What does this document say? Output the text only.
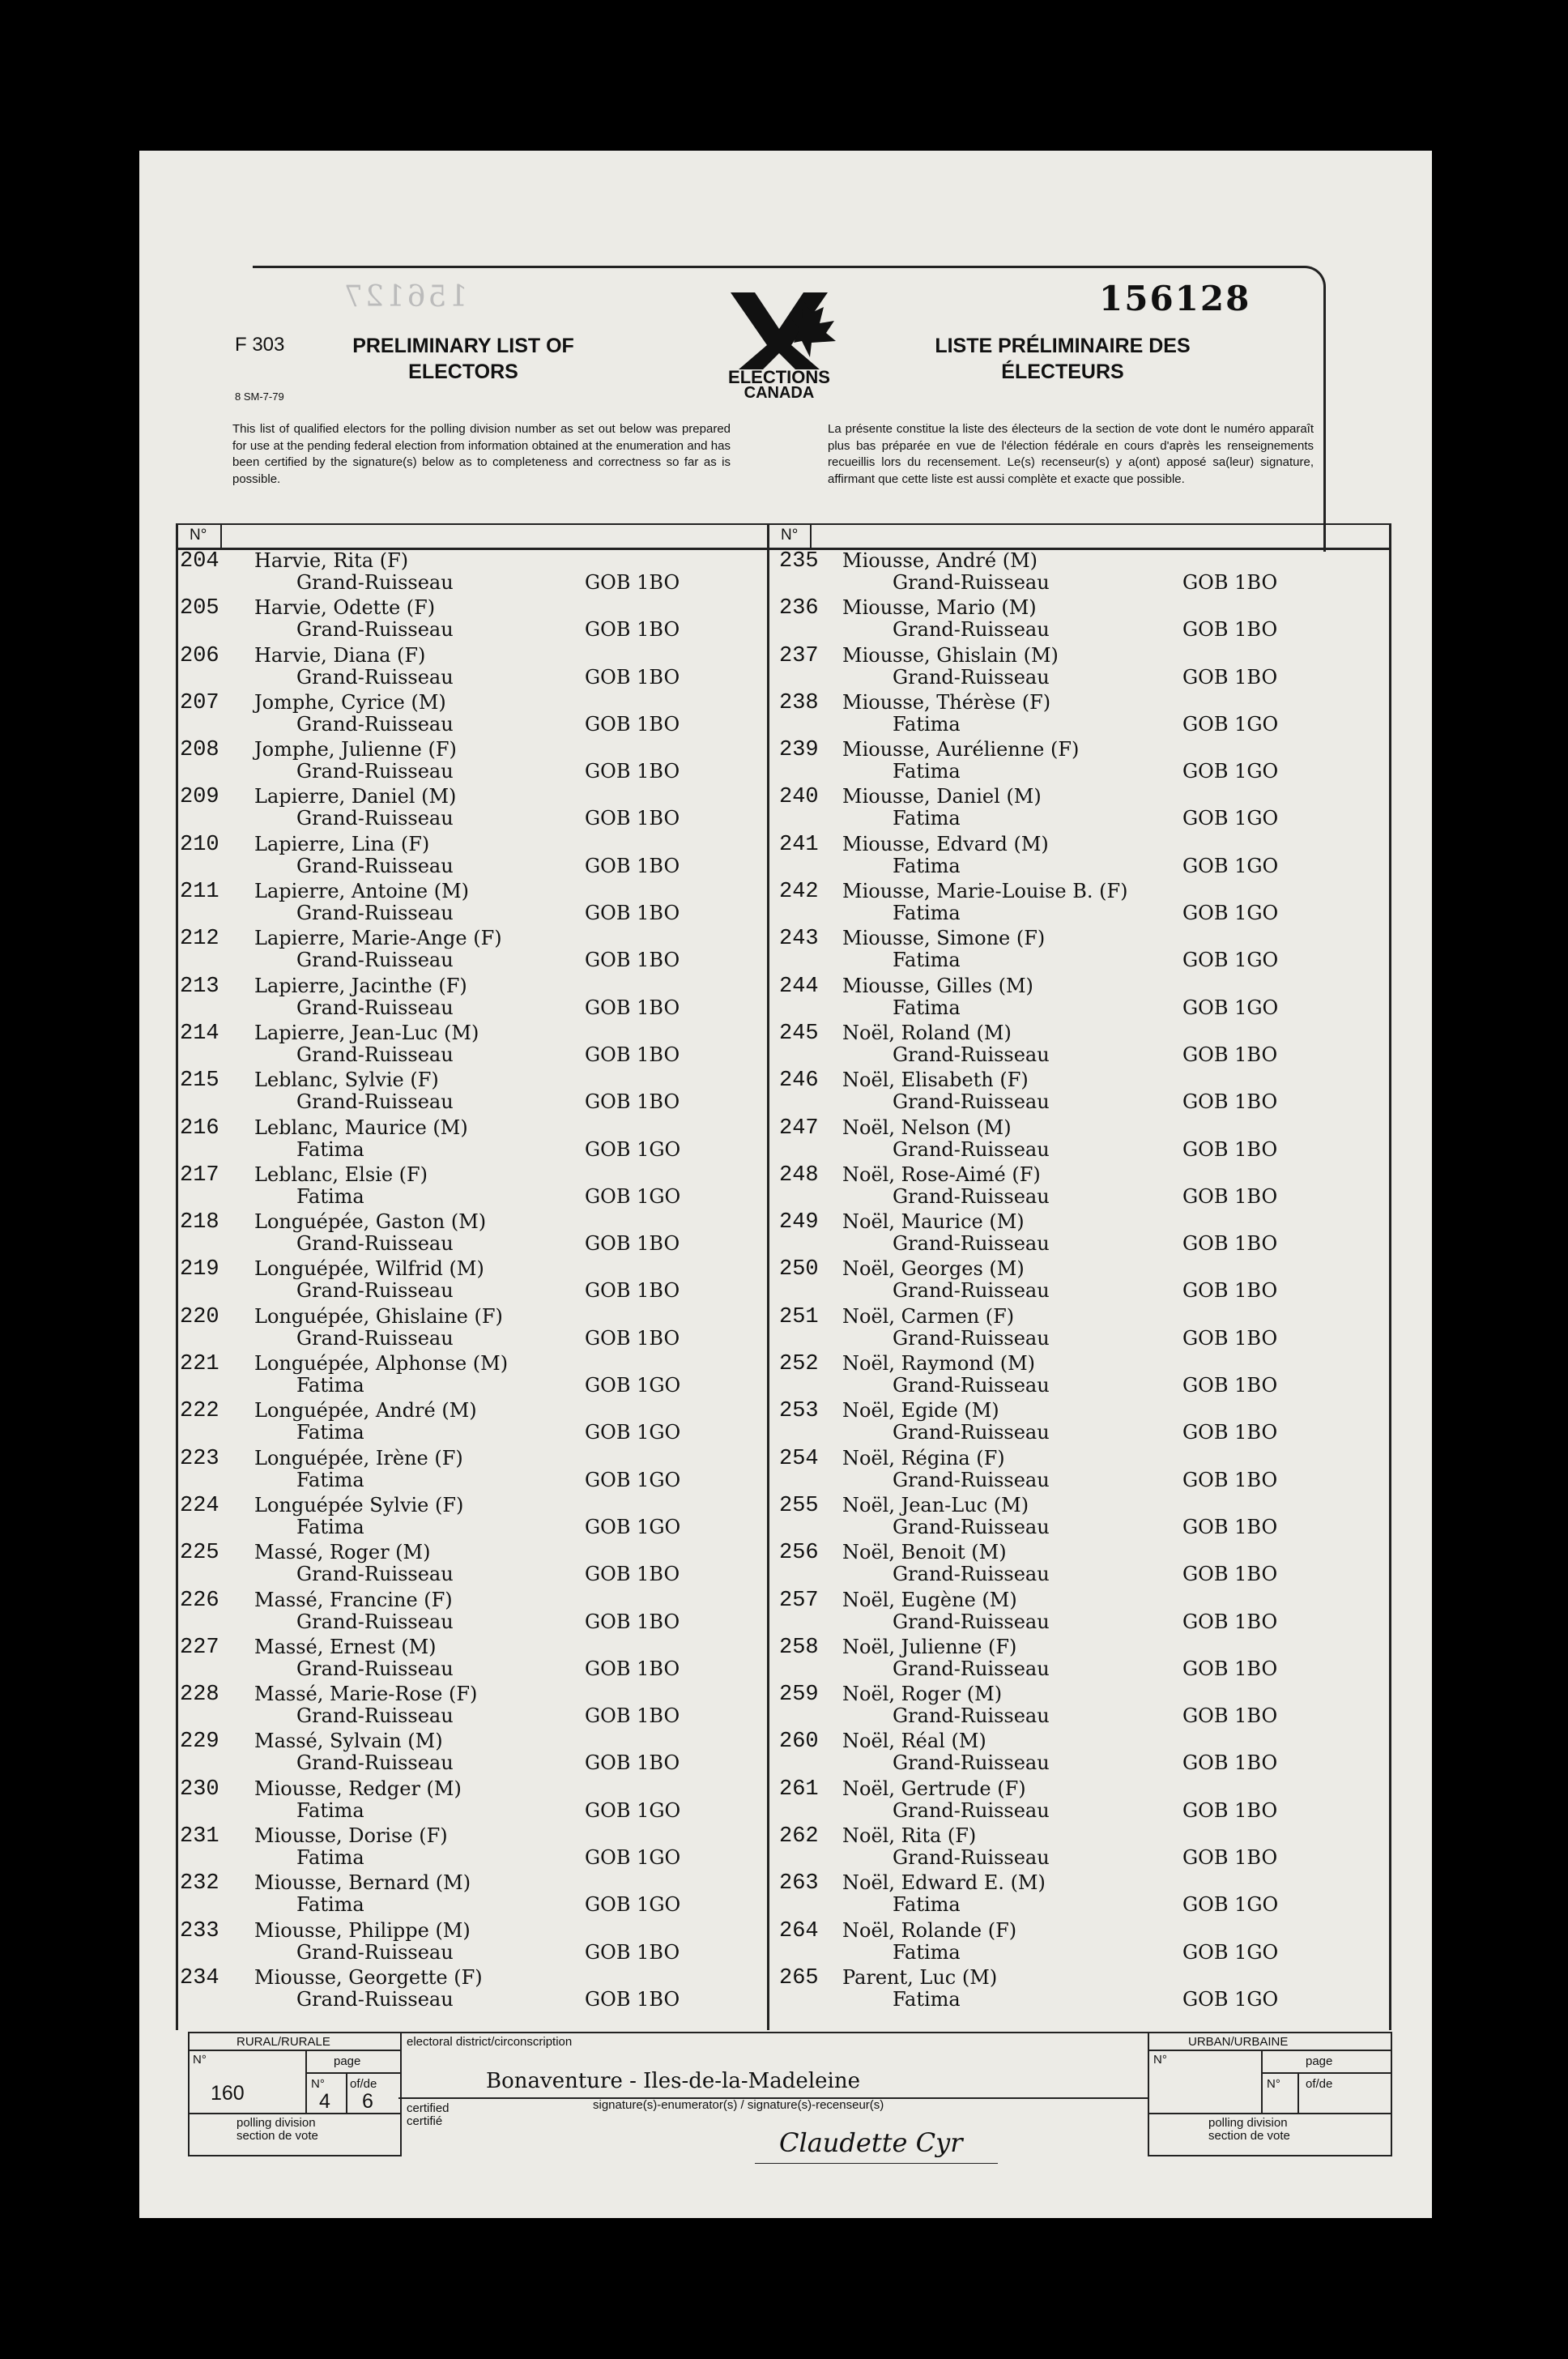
156127	156128
F 303	PRELIMINARY LIST OF
ELECTORS
LISTE PRÉLIMINAIRE DES
ÉLECTEURS
8 SM-7-79
ELECTIONS
CANADA
This list of qualified electors for the polling division number as set out below was prepared for use at the pending federal election from information obtained at the enumeration and has been certified by the signature(s) below as to completeness and correctness so far as is possible.
La présente constitue la liste des électeurs de la section de vote dont le numéro apparaît plus bas préparée en vue de l'élection fédérale en cours d'après les renseignements recueillis lors du recensement. Le(s) recenseur(s) y a(ont) apposé sa(leur) signature, affirmant que cette liste est aussi complète et exacte que possible.
N°	N°
204 Harvie, Rita (F)
Grand-Ruisseau	GOB 1BO
205 Harvie, Odette (F)
Grand-Ruisseau	GOB 1BO
206 Harvie, Diana (F)
Grand-Ruisseau	GOB 1BO
207 Jomphe, Cyrice (M)
Grand-Ruisseau	GOB 1BO
208 Jomphe, Julienne (F)
Grand-Ruisseau	GOB 1BO
209 Lapierre, Daniel (M)
Grand-Ruisseau	GOB 1BO
210 Lapierre, Lina (F)
Grand-Ruisseau	GOB 1BO
211 Lapierre, Antoine (M)
Grand-Ruisseau	GOB 1BO
212 Lapierre, Marie-Ange (F)
Grand-Ruisseau	GOB 1BO
213 Lapierre, Jacinthe (F)
Grand-Ruisseau	GOB 1BO
214 Lapierre, Jean-Luc (M)
Grand-Ruisseau	GOB 1BO
215 Leblanc, Sylvie (F)
Grand-Ruisseau	GOB 1BO
216 Leblanc, Maurice (M)
Fatima	GOB 1GO
217 Leblanc, Elsie (F)
Fatima	GOB 1GO
218 Longuépée, Gaston (M)
Grand-Ruisseau	GOB 1BO
219 Longuépée, Wilfrid (M)
Grand-Ruisseau	GOB 1BO
220 Longuépée, Ghislaine (F)
Grand-Ruisseau	GOB 1BO
221 Longuépée, Alphonse (M)
Fatima	GOB 1GO
222 Longuépée, André (M)
Fatima	GOB 1GO
223 Longuépée, Irène (F)
Fatima	GOB 1GO
224 Longuépée Sylvie (F)
Fatima	GOB 1GO
225 Massé, Roger (M)
Grand-Ruisseau	GOB 1BO
226 Massé, Francine (F)
Grand-Ruisseau	GOB 1BO
227 Massé, Ernest (M)
Grand-Ruisseau	GOB 1BO
228 Massé, Marie-Rose (F)
Grand-Ruisseau	GOB 1BO
229 Massé, Sylvain (M)
Grand-Ruisseau	GOB 1BO
230 Miousse, Redger (M)
Fatima	GOB 1GO
231 Miousse, Dorise (F)
Fatima	GOB 1GO
232 Miousse, Bernard (M)
Fatima	GOB 1GO
233 Miousse, Philippe (M)
Grand-Ruisseau	GOB 1BO
234 Miousse, Georgette (F)
Grand-Ruisseau	GOB 1BO
235 Miousse, André (M)
Grand-Ruisseau	GOB 1BO
236 Miousse, Mario (M)
Grand-Ruisseau	GOB 1BO
237 Miousse, Ghislain (M)
Grand-Ruisseau	GOB 1BO
238 Miousse, Thérèse (F)
Fatima	GOB 1GO
239 Miousse, Aurélienne (F)
Fatima	GOB 1GO
240 Miousse, Daniel (M)
Fatima	GOB 1GO
241 Miousse, Edvard (M)
Fatima	GOB 1GO
242 Miousse, Marie-Louise B. (F)
Fatima	GOB 1GO
243 Miousse, Simone (F)
Fatima	GOB 1GO
244 Miousse, Gilles (M)
Fatima	GOB 1GO
245 Noël, Roland (M)
Grand-Ruisseau	GOB 1BO
246 Noël, Elisabeth (F)
Grand-Ruisseau	GOB 1BO
247 Noël, Nelson (M)
Grand-Ruisseau	GOB 1BO
248 Noël, Rose-Aimé (F)
Grand-Ruisseau	GOB 1BO
249 Noël, Maurice (M)
Grand-Ruisseau	GOB 1BO
250 Noël, Georges (M)
Grand-Ruisseau	GOB 1BO
251 Noël, Carmen (F)
Grand-Ruisseau	GOB 1BO
252 Noël, Raymond (M)
Grand-Ruisseau	GOB 1BO
253 Noël, Egide (M)
Grand-Ruisseau	GOB 1BO
254 Noël, Régina (F)
Grand-Ruisseau	GOB 1BO
255 Noël, Jean-Luc (M)
Grand-Ruisseau	GOB 1BO
256 Noël, Benoit (M)
Grand-Ruisseau	GOB 1BO
257 Noël, Eugène (M)
Grand-Ruisseau	GOB 1BO
258 Noël, Julienne (F)
Grand-Ruisseau	GOB 1BO
259 Noël, Roger (M)
Grand-Ruisseau	GOB 1BO
260 Noël, Réal (M)
Grand-Ruisseau	GOB 1BO
261 Noël, Gertrude (F)
Grand-Ruisseau	GOB 1BO
262 Noël, Rita (F)
Grand-Ruisseau	GOB 1BO
263 Noël, Edward E. (M)
Fatima	GOB 1GO
264 Noël, Rolande (F)
Fatima	GOB 1GO
265 Parent, Luc (M)
Fatima	GOB 1GO
RURAL/RURALE	URBAN/URBAINE
N°	N°
page	page
N° of/de	N° of/de
160	4 6
polling division
section de vote
polling division
section de vote
electoral district/circonscription
Bonaventure - Iles-de-la-Madeleine
certified
certifié
signature(s)-enumerator(s) / signature(s)-recenseur(s)
Claudette Cyr
